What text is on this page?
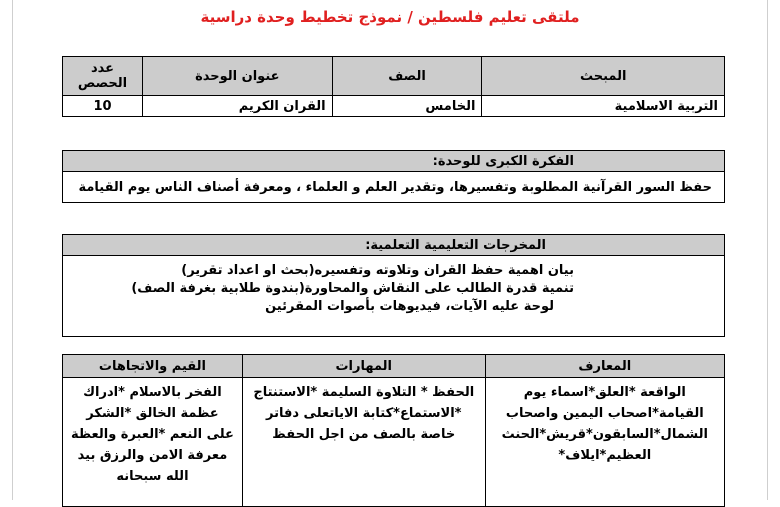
ملتقى تعليم فلسطين / نموذج تخطيط وحدة دراسية
المبحث	الصف	عنوان الوحدة	عدد
الحصص

التربية الاسلامية	الخامس	القران الكريم	10
الفكرة الكبرى للوحدة:
حفظ السور القرآنية المطلوبة وتفسيرها، وتقدير العلم و العلماء ، ومعرفة أصناف الناس يوم القيامة
المخرجات التعليمية التعلمية:

بيان اهمية حفظ القران وتلاوته وتفسيره(بحث او اعداد تقرير)
تنمية قدرة الطالب على النقاش والمحاورة(بندوة طلابية بغرفة الصف)
لوحة عليه الآيات، فيديوهات بأصوات المقرئين
المعارف	المهارات	القيم والاتجاهات

الواقعة *العلق*اسماء يوم
القيامة*اصحاب اليمين واصحاب
الشمال*السابقون*قريش*الحنث
العظيم*ايلاف*	الحفظ * التلاوة السليمة *الاستنتاج
*الاستماع*كتابة الاياتعلى دفاتر
خاصة بالصف من اجل الحفظ	الفخر بالاسلام *ادراك
عظمة الخالق *الشكر
على النعم *العبرة والعظة
معرفة الامن والرزق بيد
الله سبحانه
